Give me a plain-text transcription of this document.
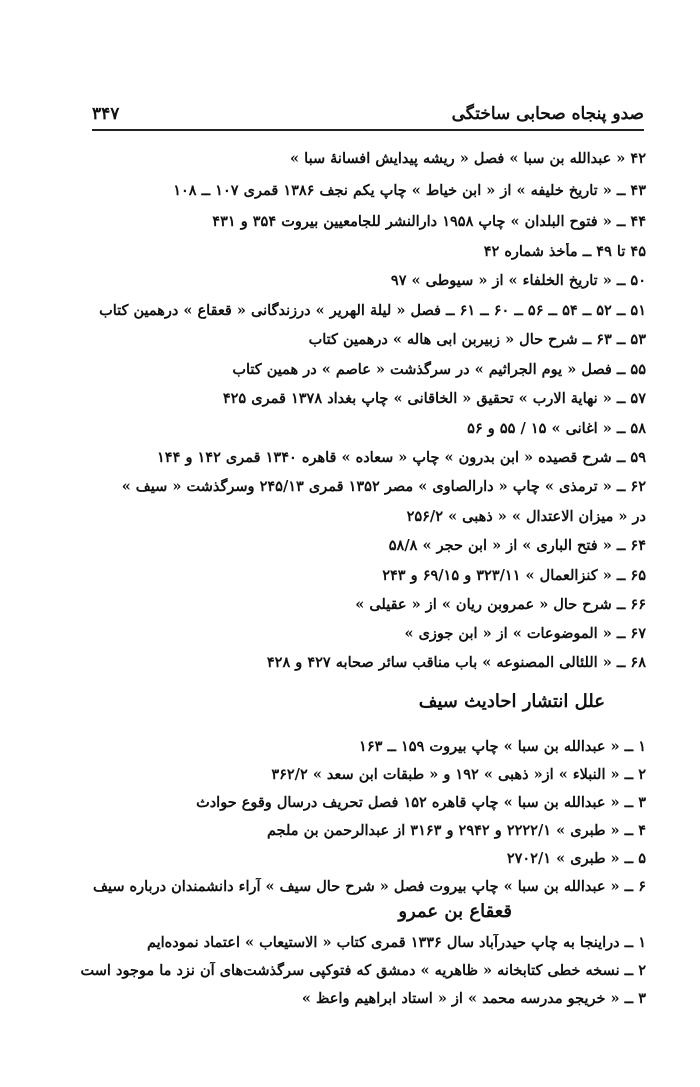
صدو پنجاه صحابی ساختگی
۳۴۷
۴۲ « عبدالله بن سبا » فصل « ریشه پیدایش افسانهٔ سبا »
۴۳ ــ « تاریخ خلیفه » از « ابن خیاط » چاپ یکم نجف ۱۳۸۶ قمری ۱۰۷ ــ ۱۰۸
۴۴ ــ « فتوح البلدان » چاپ ۱۹۵۸ دارالنشر للجامعیین بیروت ۳۵۴ و ۴۳۱
۴۵ تا ۴۹ ــ مأخذ شماره ۴۲
۵۰ ــ « تاریخ الخلفاء » از « سیوطی » ۹۷
۵۱ ــ ۵۲ ــ ۵۴ ــ ۵۶ ــ ۶۰ ــ ۶۱ ــ فصل « لیلة الهریر » درزندگانی « قعقاع » درهمین کتاب
۵۳ ــ ۶۳ ــ شرح حال « زبیربن ابی هاله » درهمین کتاب
۵۵ ــ فصل « یوم الجراثیم » در سرگذشت « عاصم » در همین کتاب
۵۷ ــ « نهایة الارب » تحقیق « الخاقانی » چاپ بغداد ۱۳۷۸ قمری ۴۲۵
۵۸ ــ « اغانی » ۱۵ / ۵۵ و ۵۶
۵۹ ــ شرح قصیده « ابن بدرون » چاپ « سعاده » قاهره ۱۳۴۰ قمری ۱۴۲ و ۱۴۴
۶۲ ــ « ترمذی » چاپ « دارالصاوی » مصر ۱۳۵۲ قمری ۲۴۵/۱۳ وسرگذشت « سیف »
در « میزان الاعتدال » « ذهبی » ۲۵۶/۲
۶۴ ــ « فتح الباری » از « ابن حجر » ۵۸/۸
۶۵ ــ « کنزالعمال » ۳۲۳/۱۱ و ۶۹/۱۵ و ۲۴۳
۶۶ ــ شرح حال « عمروبن ریان » از « عقیلی »
۶۷ ــ « الموضوعات » از « ابن جوزی »
۶۸ ــ « اللئالی المصنوعه » باب مناقب سائر صحابه ۴۲۷ و ۴۲۸
علل انتشار احادیث سیف
۱ ــ « عبدالله بن سبا » چاپ بیروت ۱۵۹ ــ ۱۶۳
۲ ــ « النبلاء » از« ذهبی » ۱۹۲ و « طبقات ابن سعد » ۳۶۲/۲
۳ ــ « عبدالله بن سبا » چاپ قاهره ۱۵۲ فصل تحریف درسال وقوع حوادث
۴ ــ « طبری » ۲۲۲۲/۱ و ۲۹۴۲ و ۳۱۶۳ از عبدالرحمن بن ملجم
۵ ــ « طبری » ۲۷۰۲/۱
۶ ــ « عبدالله بن سبا » چاپ بیروت فصل « شرح حال سیف » آراء دانشمندان درباره سیف
قعقاع بن عمرو
۱ ــ دراینجا به چاپ حیدرآباد سال ۱۳۳۶ قمری کتاب « الاستیعاب » اعتماد نموده‌ایم
۲ ــ نسخه خطی کتابخانه « ظاهریه » دمشق که فتوکپی سرگذشت‌های آن نزد ما موجود است
۳ ــ « خریجو مدرسه محمد » از « استاد ابراهیم واعظ »
